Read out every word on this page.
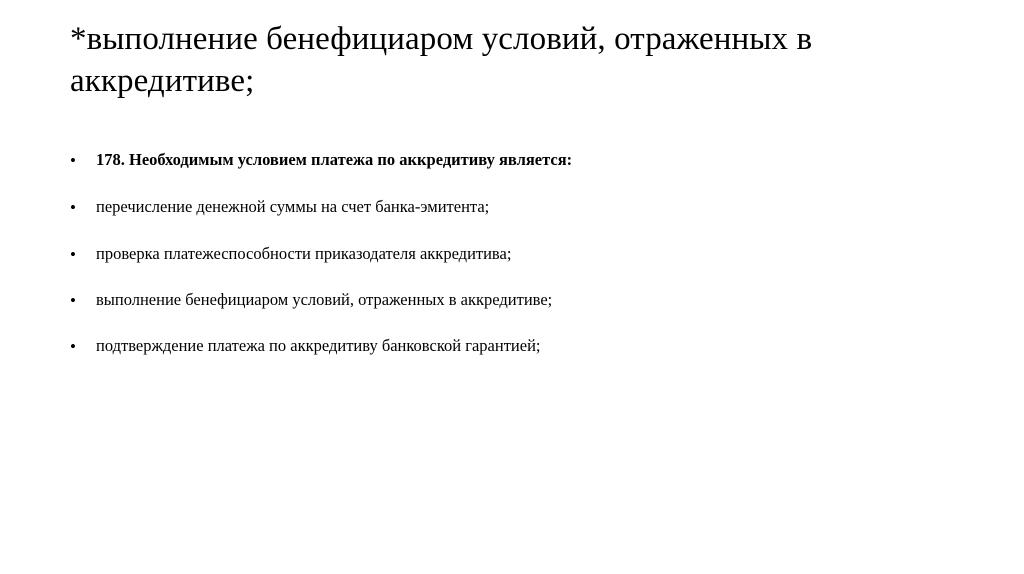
*выполнение бенефициаром условий, отраженных в аккредитиве;
•	178. Необходимым условием платежа по аккредитиву является:
•	перечисление денежной суммы на счет банка-эмитента;
•	проверка платежеспособности приказодателя аккредитива;
•	выполнение бенефициаром условий, отраженных в аккредитиве;
•	подтверждение платежа по аккредитиву банковской гарантией;
